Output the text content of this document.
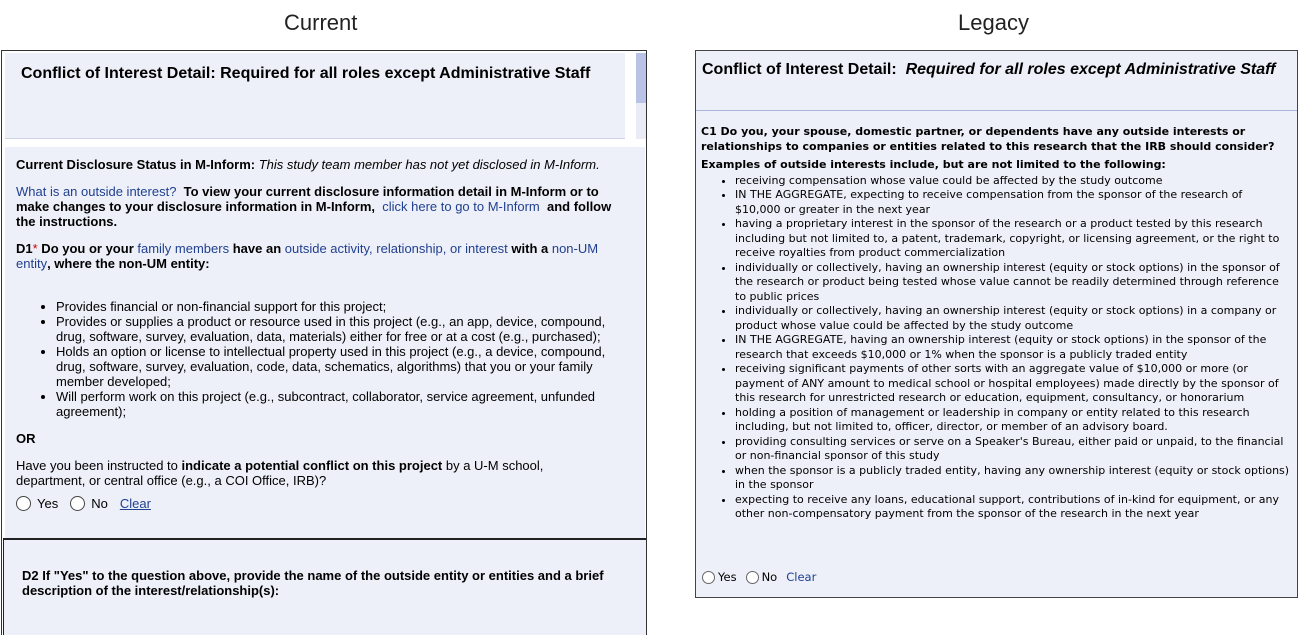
Current	Legacy
Conflict of Interest Detail: Required for all roles except Administrative Staff

Current Disclosure Status in M-Inform: This study team member has not yet disclosed in M-Inform.

What is an outside interest? To view your current disclosure information detail in M-Inform or to make changes to your disclosure information in M-Inform, click here to go to M-Inform and follow the instructions.

D1* Do you or your family members have an outside activity, relationship, or interest with a non-UM entity, where the non-UM entity:

• Provides financial or non-financial support for this project;
• Provides or supplies a product or resource used in this project (e.g., an app, device, compound, drug, software, survey, evaluation, data, materials) either for free or at a cost (e.g., purchased);
• Holds an option or license to intellectual property used in this project (e.g., a device, compound, drug, software, survey, evaluation, code, data, schematics, algorithms) that you or your family member developed;
• Will perform work on this project (e.g., subcontract, collaborator, service agreement, unfunded agreement);
OR

Have you been instructed to indicate a potential conflict on this project by a U-M school, department, or central office (e.g., a COI Office, IRB)?

Yes	No Clear

D2 If "Yes" to the question above, provide the name of the outside entity or entities and a brief description of the interest/relationship(s):

Conflict of Interest Detail: Required for all roles except Administrative Staff
C1 Do you, your spouse, domestic partner, or dependents have any outside interests or relationships to companies or entities related to this research that the IRB should consider?
Examples of outside interests include, but are not limited to the following:
• receiving compensation whose value could be affected by the study outcome
• IN THE AGGREGATE, expecting to receive compensation from the sponsor of the research of $10,000 or greater in the next year
• having a proprietary interest in the sponsor of the research or a product tested by this research including but not limited to, a patent, trademark, copyright, or licensing agreement, or the right to receive royalties from product commercialization
• individually or collectively, having an ownership interest (equity or stock options) in the sponsor of the research or product being tested whose value cannot be readily determined through reference to public prices
• individually or collectively, having an ownership interest (equity or stock options) in a company or product whose value could be affected by the study outcome
• IN THE AGGREGATE, having an ownership interest (equity or stock options) in the sponsor of the research that exceeds $10,000 or 1% when the sponsor is a publicly traded entity
• receiving significant payments of other sorts with an aggregate value of $10,000 or more (or payment of ANY amount to medical school or hospital employees) made directly by the sponsor of this research for unrestricted research or education, equipment, consultancy, or honorarium
• holding a position of management or leadership in company or entity related to this research including, but not limited to, officer, director, or member of an advisory board.
• providing consulting services or serve on a Speaker's Bureau, either paid or unpaid, to the financial or non-financial sponsor of this study
• when the sponsor is a publicly traded entity, having any ownership interest (equity or stock options) in the sponsor
• expecting to receive any loans, educational support, contributions of in-kind for equipment, or any other non-compensatory payment from the sponsor of the research in the next year
Yes No Clear
